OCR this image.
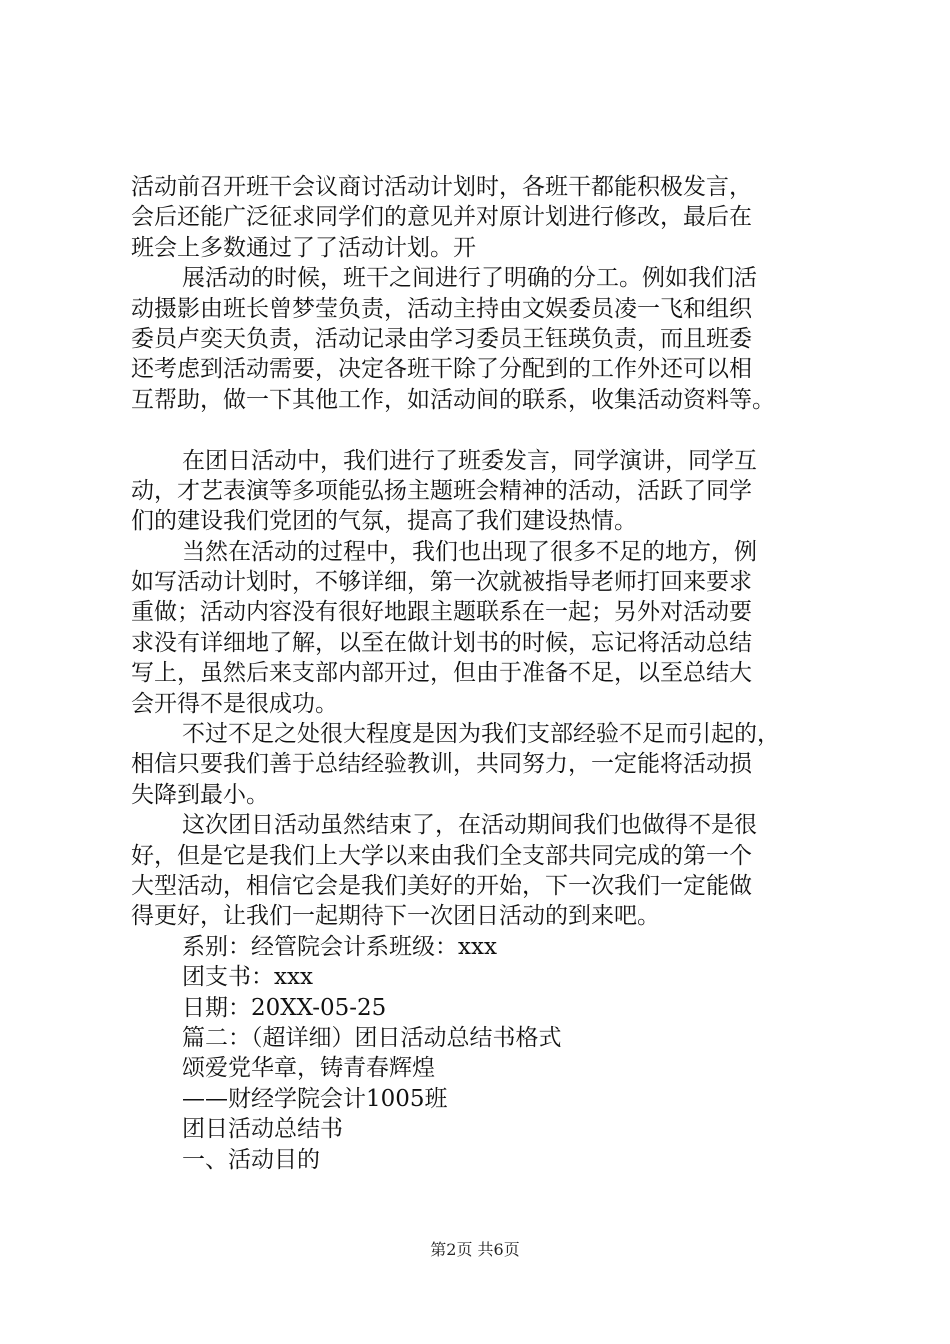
活动前召开班干会议商讨活动计划时，各班干都能积极发言，
会后还能广泛征求同学们的意见并对原计划进行修改，最后在
班会上多数通过了了活动计划。开
展活动的时候，班干之间进行了明确的分工。例如我们活
动摄影由班长曾梦莹负责，活动主持由文娱委员凌一飞和组织
委员卢奕天负责，活动记录由学习委员王钰瑛负责，而且班委
还考虑到活动需要，决定各班干除了分配到的工作外还可以相
互帮助，做一下其他工作，如活动间的联系，收集活动资料等。
在团日活动中，我们进行了班委发言，同学演讲，同学互
动，才艺表演等多项能弘扬主题班会精神的活动，活跃了同学
们的建设我们党团的气氛，提高了我们建设热情。
当然在活动的过程中，我们也出现了很多不足的地方，例
如写活动计划时，不够详细，第一次就被指导老师打回来要求
重做；活动内容没有很好地跟主题联系在一起；另外对活动要
求没有详细地了解，以至在做计划书的时候，忘记将活动总结
写上，虽然后来支部内部开过，但由于准备不足，以至总结大
会开得不是很成功。
不过不足之处很大程度是因为我们支部经验不足而引起的，
相信只要我们善于总结经验教训，共同努力，一定能将活动损
失降到最小。
这次团日活动虽然结束了，在活动期间我们也做得不是很
好，但是它是我们上大学以来由我们全支部共同完成的第一个
大型活动，相信它会是我们美好的开始，下一次我们一定能做
得更好，让我们一起期待下一次团日活动的到来吧。
系别：经管院会计系班级：xxx
团支书：xxx
日期：20XX-05-25
篇二：（超详细）团日活动总结书格式
颂爱党华章，铸青春辉煌
——财经学院会计1005班
团日活动总结书
一、活动目的
第2页 共6页
